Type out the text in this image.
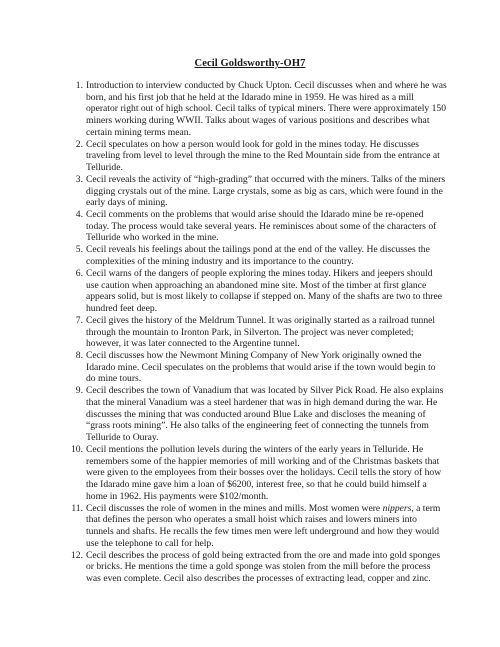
Cecil Goldsworthy-OH7
1. Introduction to interview conducted by Chuck Upton. Cecil discusses when and where he was born, and his first job that he held at the Idarado mine in 1959. He was hired as a mill operator right out of high school. Cecil talks of typical miners. There were approximately 150 miners working during WWII. Talks about wages of various positions and describes what certain mining terms mean.
2. Cecil speculates on how a person would look for gold in the mines today. He discusses traveling from level to level through the mine to the Red Mountain side from the entrance at Telluride.
3. Cecil reveals the activity of “high-grading” that occurred with the miners. Talks of the miners digging crystals out of the mine. Large crystals, some as big as cars, which were found in the early days of mining.
4. Cecil comments on the problems that would arise should the Idarado mine be re-opened today. The process would take several years. He reminisces about some of the characters of Telluride who worked in the mine.
5. Cecil reveals his feelings about the tailings pond at the end of the valley. He discusses the complexities of the mining industry and its importance to the country.
6. Cecil warns of the dangers of people exploring the mines today. Hikers and jeepers should use caution when approaching an abandoned mine site. Most of the timber at first glance appears solid, but is most likely to collapse if stepped on. Many of the shafts are two to three hundred feet deep.
7. Cecil gives the history of the Meldrum Tunnel. It was originally started as a railroad tunnel through the mountain to Ironton Park, in Silverton. The project was never completed; however, it was later connected to the Argentine tunnel.
8. Cecil discusses how the Newmont Mining Company of New York originally owned the Idarado mine. Cecil speculates on the problems that would arise if the town would begin to do mine tours.
9. Cecil describes the town of Vanadium that was located by Silver Pick Road. He also explains that the mineral Vanadium was a steel hardener that was in high demand during the war. He discusses the mining that was conducted around Blue Lake and discloses the meaning of “grass roots mining”. He also talks of the engineering feet of connecting the tunnels from Telluride to Ouray.
10. Cecil mentions the pollution levels during the winters of the early years in Telluride. He remembers some of the happier memories of mill working and of the Christmas baskets that were given to the employees from their bosses over the holidays. Cecil tells the story of how the Idarado mine gave him a loan of $6200, interest free, so that he could build himself a home in 1962. His payments were $102/month.
11. Cecil discusses the role of women in the mines and mills. Most women were nippers, a term that defines the person who operates a small hoist which raises and lowers miners into tunnels and shafts. He recalls the few times men were left underground and how they would use the telephone to call for help.
12. Cecil describes the process of gold being extracted from the ore and made into gold sponges or bricks. He mentions the time a gold sponge was stolen from the mill before the process was even complete. Cecil also describes the processes of extracting lead, copper and zinc.
